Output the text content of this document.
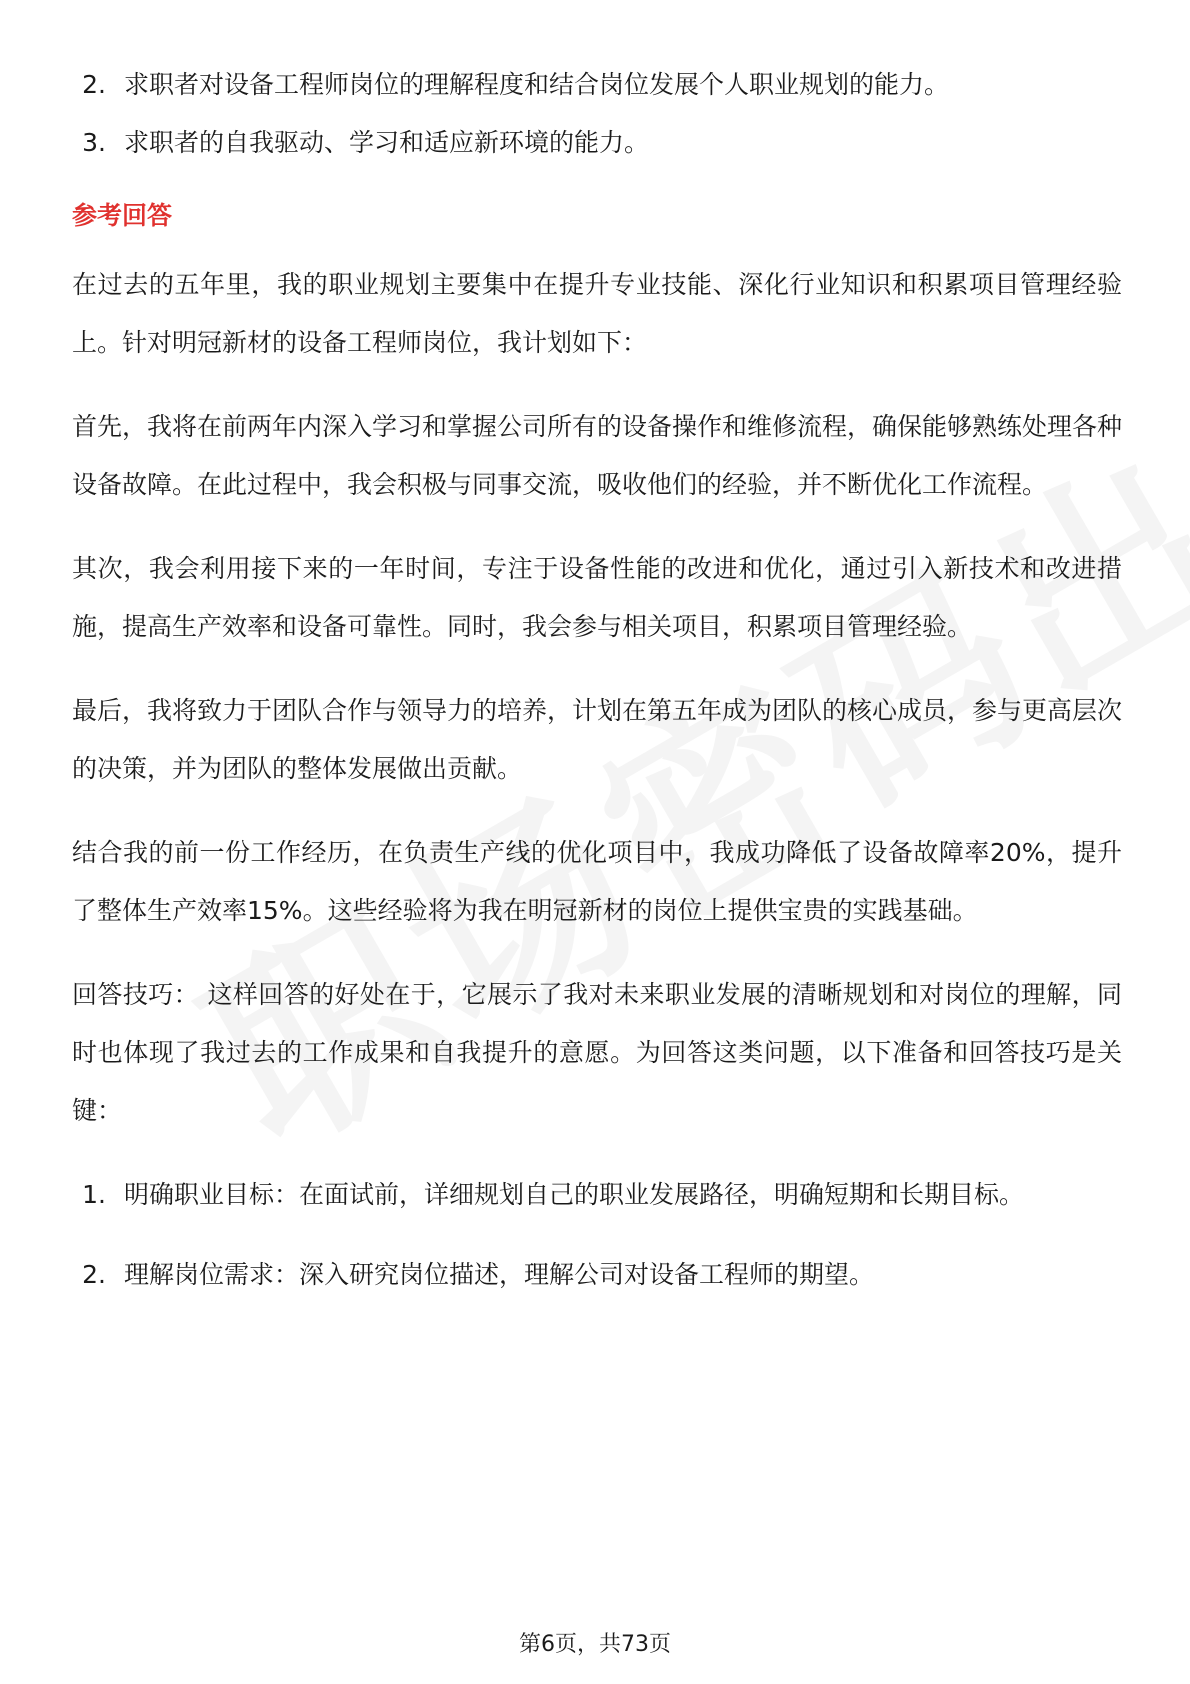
2. 求职者对设备工程师岗位的理解程度和结合岗位发展个人职业规划的能力。
3. 求职者的自我驱动、学习和适应新环境的能力。
参考回答

在过去的五年里，我的职业规划主要集中在提升专业技能、深化行业知识和积累项目管理经验上。针对明冠新材的设备工程师岗位，我计划如下：

首先，我将在前两年内深入学习和掌握公司所有的设备操作和维修流程，确保能够熟练处理各种设备故障。在此过程中，我会积极与同事交流，吸收他们的经验，并不断优化工作流程。

其次，我会利用接下来的一年时间，专注于设备性能的改进和优化，通过引入新技术和改进措施，提高生产效率和设备可靠性。同时，我会参与相关项目，积累项目管理经验。

最后，我将致力于团队合作与领导力的培养，计划在第五年成为团队的核心成员，参与更高层次的决策，并为团队的整体发展做出贡献。

结合我的前一份工作经历，在负责生产线的优化项目中，我成功降低了设备故障率20%，提升了整体生产效率15%。这些经验将为我在明冠新材的岗位上提供宝贵的实践基础。

回答技巧： 这样回答的好处在于，它展示了我对未来职业发展的清晰规划和对岗位的理解，同时也体现了我过去的工作成果和自我提升的意愿。为回答这类问题，以下准备和回答技巧是关键：

1. 明确职业目标：在面试前，详细规划自己的职业发展路径，明确短期和长期目标。
2. 理解岗位需求：深入研究岗位描述，理解公司对设备工程师的期望。
第6页，共73页
